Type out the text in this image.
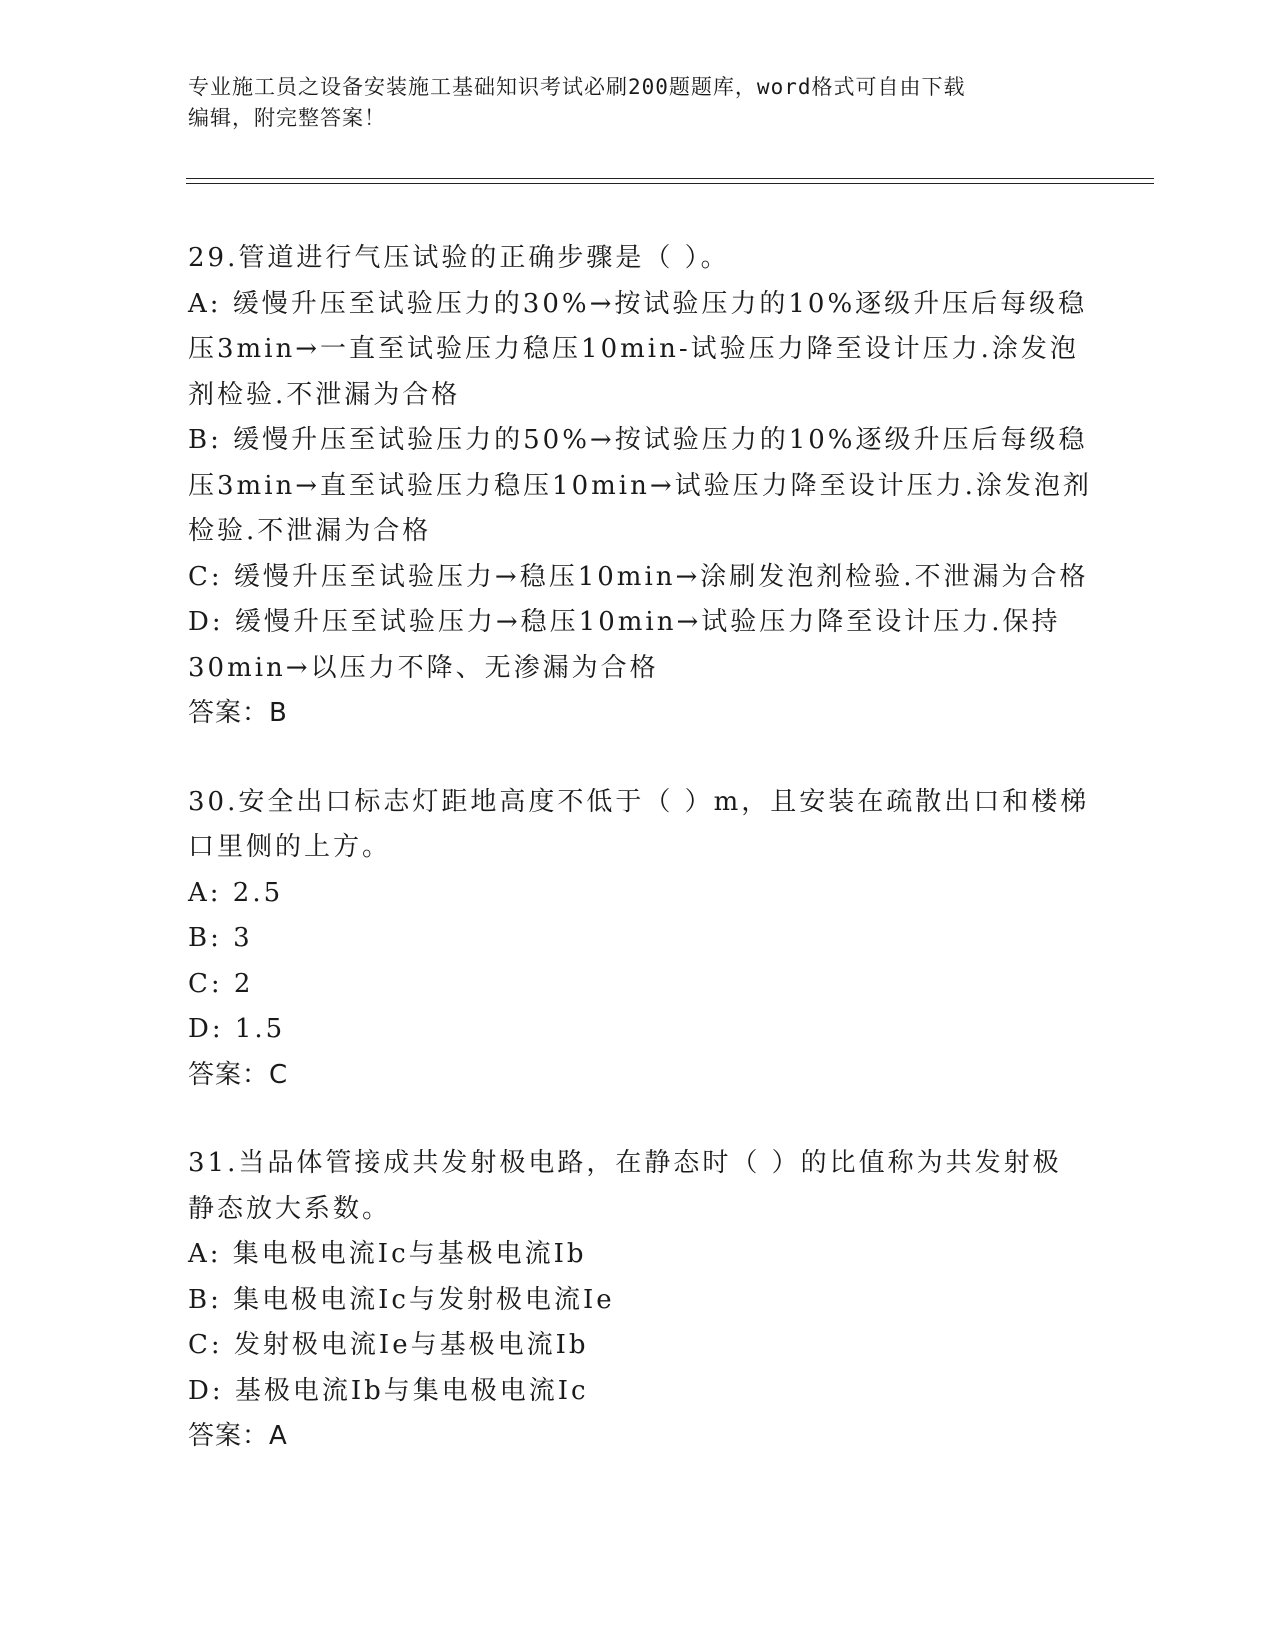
专业施工员之设备安装施工基础知识考试必刷200题题库，word格式可自由下载
编辑，附完整答案！
29.管道进行气压试验的正确步骤是（ ）。
A: 缓慢升压至试验压力的30%→按试验压力的10%逐级升压后每级稳
压3min→一直至试验压力稳压10min-试验压力降至设计压力.涂发泡
剂检验.不泄漏为合格
B: 缓慢升压至试验压力的50%→按试验压力的10%逐级升压后每级稳
压3min→直至试验压力稳压10min→试验压力降至设计压力.涂发泡剂
检验.不泄漏为合格
C: 缓慢升压至试验压力→稳压10min→涂刷发泡剂检验.不泄漏为合格
D: 缓慢升压至试验压力→稳压10min→试验压力降至设计压力.保持
30min→以压力不降、无渗漏为合格
答案：B
30.安全出口标志灯距地高度不低于（ ）m，且安装在疏散出口和楼梯
口里侧的上方。
A: 2.5
B: 3
C: 2
D: 1.5
答案：C
31.当品体管接成共发射极电路，在静态时（ ）的比值称为共发射极
静态放大系数。
A: 集电极电流Ic与基极电流Ib
B: 集电极电流Ic与发射极电流Ie
C: 发射极电流Ie与基极电流Ib
D: 基极电流Ib与集电极电流Ic
答案：A
